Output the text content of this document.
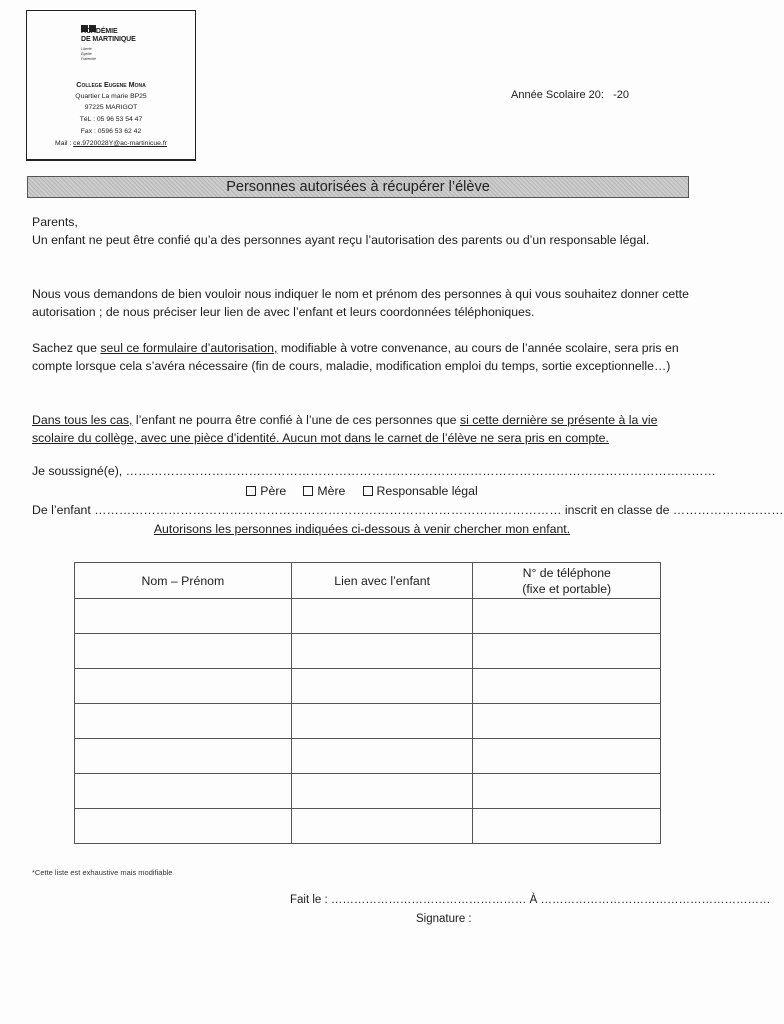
ACADÉMIE
DE MARTINIQUE
Liberté
Égalité
Fraternité
College Eugene Mona
Quartier La marie BP25
97225 MARIGOT
TéL : 05 96 53 54 47
Fax : 0596 53 62 42
Mail : ce.9720028Y@ac-martinicue.fr
Année Scolaire 20:   -20
Personnes autorisées à récupérer l’élève
Parents,
Un enfant ne peut être confié qu’a des personnes ayant reçu l’autorisation des parents ou d’un responsable légal.
Nous vous demandons de bien vouloir nous indiquer le nom et prénom des personnes à qui vous souhaitez donner cette autorisation ; de nous préciser leur lien de avec l’enfant et leurs coordonnées téléphoniques.
Sachez que seul ce formulaire d’autorisation, modifiable à votre convenance, au cours de l’année scolaire, sera pris en compte lorsque cela s’avéra nécessaire (fin de cours, maladie, modification emploi du temps, sortie exceptionnelle…)
Dans tous les cas, l’enfant ne pourra être confié à l’une de ces personnes que si cette dernière se présente à la vie scolaire du collège, avec une pièce d’identité. Aucun mot dans le carnet de l’élève ne sera pris en compte.
Je soussigné(e), ………………………………………………………………………………………………………………………………
Père	Mère	Responsable légal
De l’enfant …………………………………………………………………………………………………… inscrit en classe de ………………………
Autorisons les personnes indiquées ci-dessous à venir chercher mon enfant.
Nom – Prénom	Lien avec l’enfant	
N° de téléphone
(fixe et portable)

*Cette liste est exhaustive mais modifiable
Fait le : …………………………………………… À ……………………………………………………
Signature :
